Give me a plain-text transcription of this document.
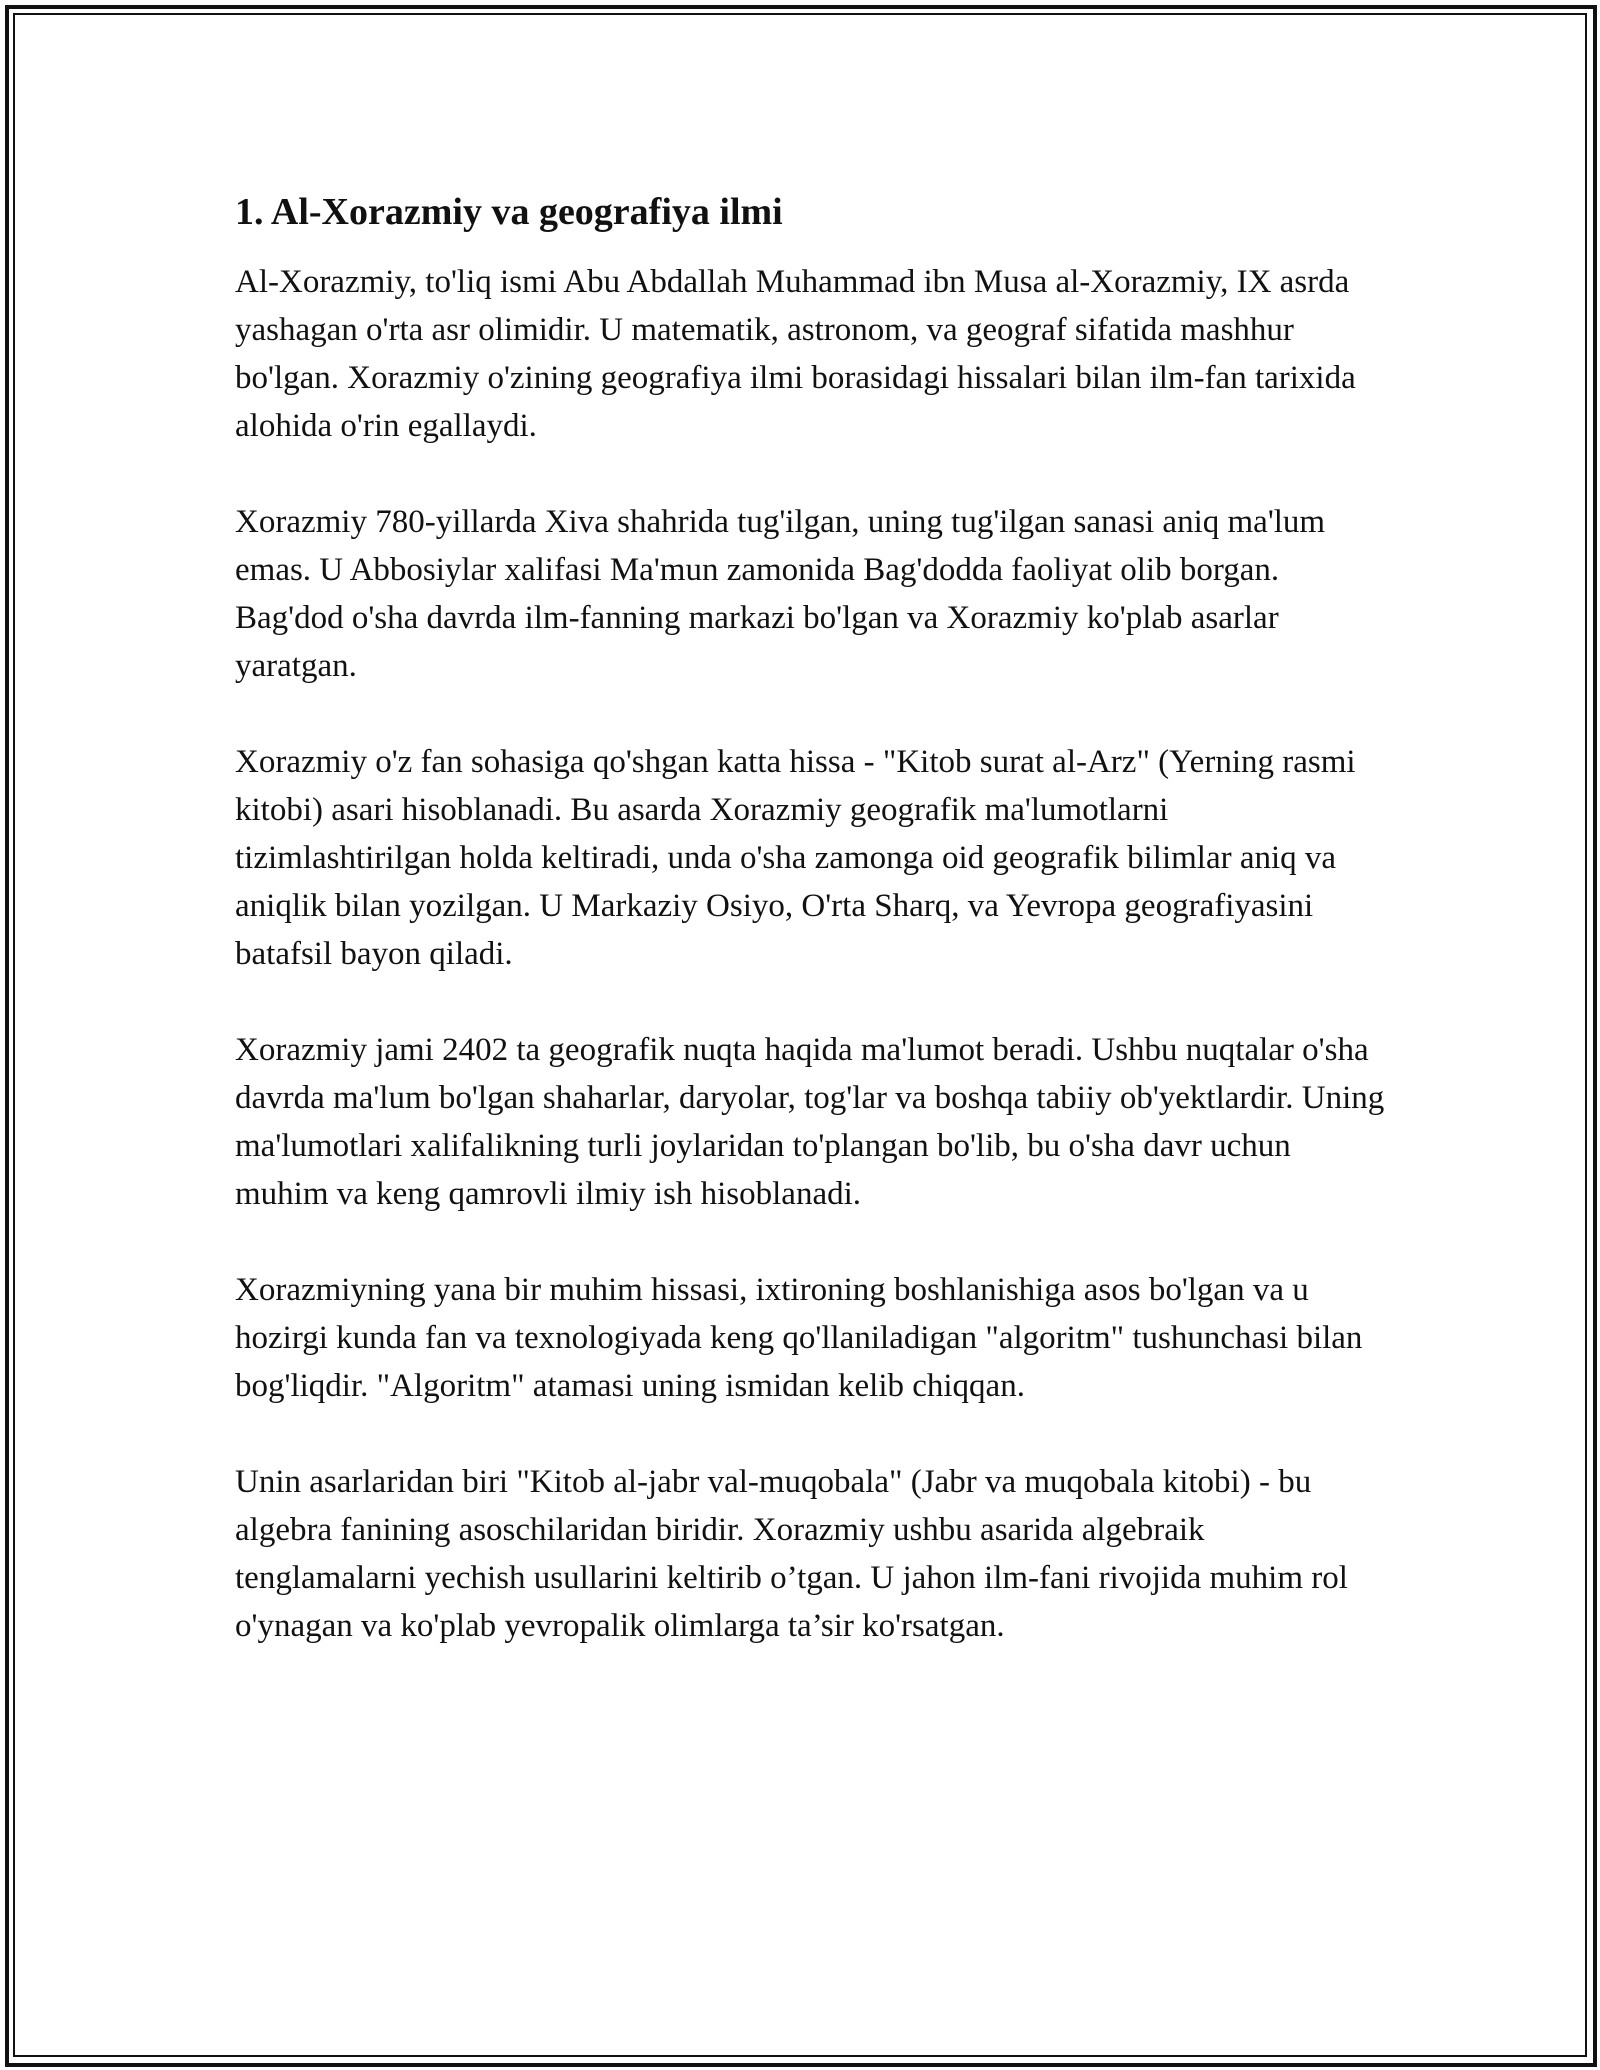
1. Al-Xorazmiy va geografiya ilmi

Al-Xorazmiy, to'liq ismi Abu Abdallah Muhammad ibn Musa al-Xorazmiy, IX asrda yashagan o'rta asr olimidir. U matematik, astronom, va geograf sifatida mashhur bo'lgan. Xorazmiy o'zining geografiya ilmi borasidagi hissalari bilan ilm-fan tarixida alohida o'rin egallaydi.

Xorazmiy 780-yillarda Xiva shahrida tug'ilgan, uning tug'ilgan sanasi aniq ma'lum emas. U Abbosiylar xalifasi Ma'mun zamonida Bag'dodda faoliyat olib borgan. Bag'dod o'sha davrda ilm-fanning markazi bo'lgan va Xorazmiy ko'plab asarlar yaratgan.

Xorazmiy o'z fan sohasiga qo'shgan katta hissa - "Kitob surat al-Arz" (Yerning rasmi kitobi) asari hisoblanadi. Bu asarda Xorazmiy geografik ma'lumotlarni tizimlashtirilgan holda keltiradi, unda o'sha zamonga oid geografik bilimlar aniq va aniqlik bilan yozilgan. U Markaziy Osiyo, O'rta Sharq, va Yevropa geografiyasini batafsil bayon qiladi.

Xorazmiy jami 2402 ta geografik nuqta haqida ma'lumot beradi. Ushbu nuqtalar o'sha davrda ma'lum bo'lgan shaharlar, daryolar, tog'lar va boshqa tabiiy ob'yektlardir. Uning ma'lumotlari xalifalikning turli joylaridan to'plangan bo'lib, bu o'sha davr uchun muhim va keng qamrovli ilmiy ish hisoblanadi.

Xorazmiyning yana bir muhim hissasi, ixtironing boshlanishiga asos bo'lgan va u hozirgi kunda fan va texnologiyada keng qo'llaniladigan "algoritm" tushunchasi bilan bog'liqdir. "Algoritm" atamasi uning ismidan kelib chiqqan.

Unin asarlaridan biri "Kitob al-jabr val-muqobala" (Jabr va muqobala kitobi) - bu algebra fanining asoschilaridan biridir. Xorazmiy ushbu asarida algebraik tenglamalarni yechish usullarini keltirib o’tgan. U jahon ilm-fani rivojida muhim rol o'ynagan va ko'plab yevropalik olimlarga ta’sir ko'rsatgan.
